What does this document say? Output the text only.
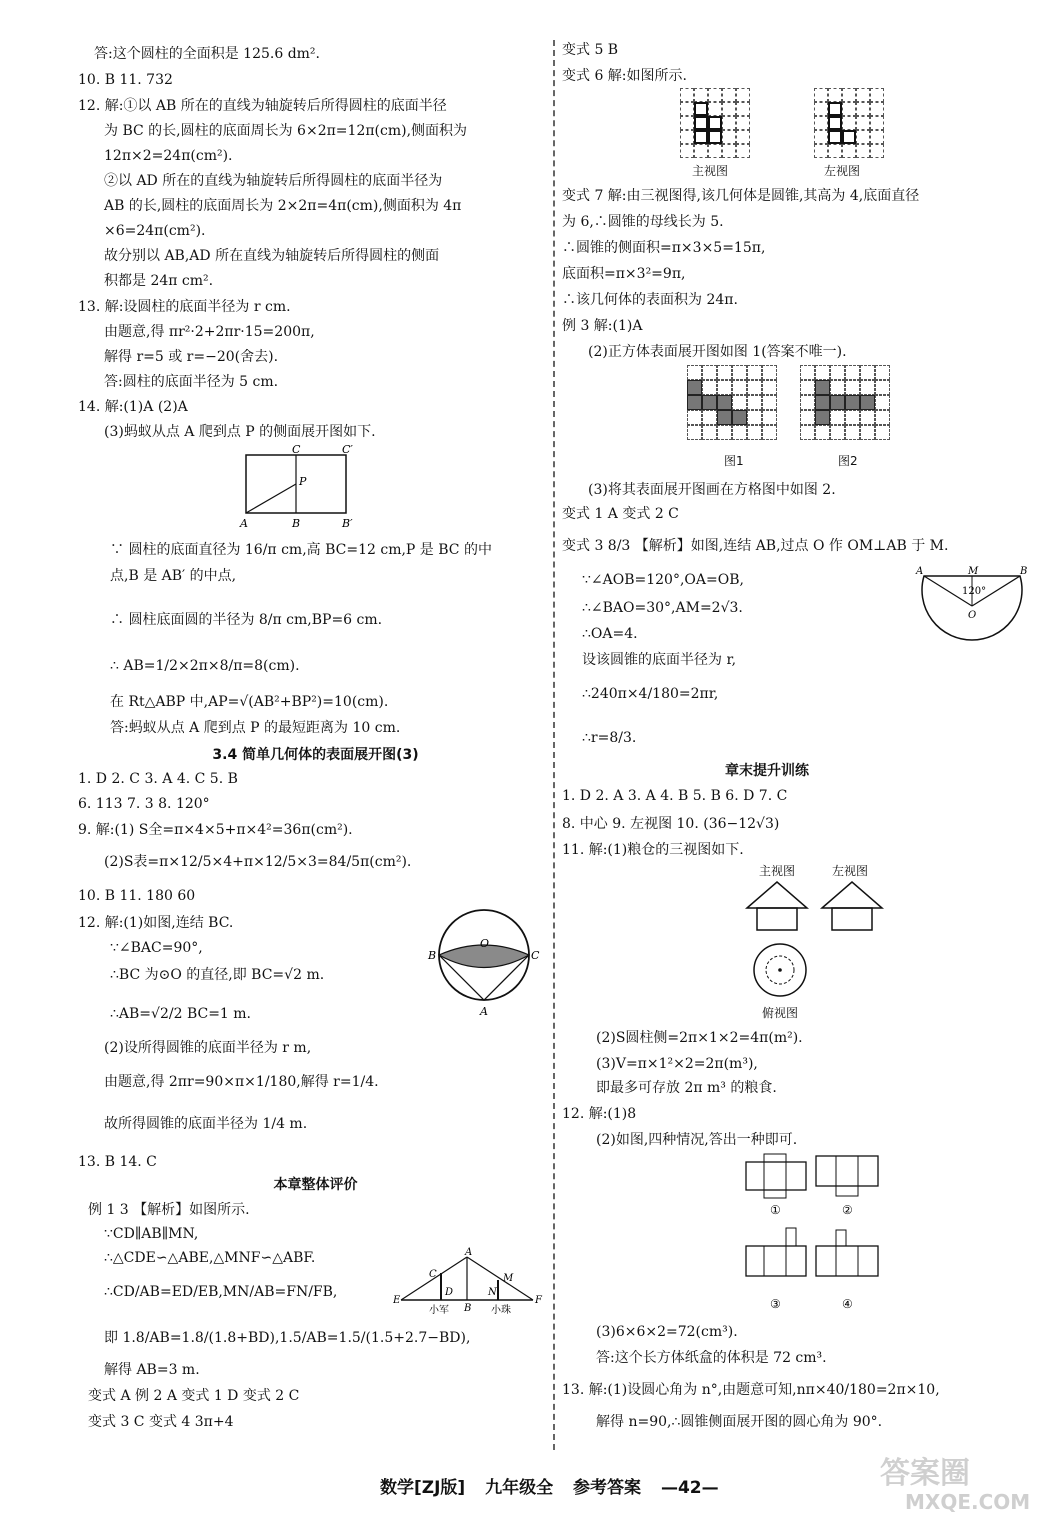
答:这个圆柱的全面积是 125.6 dm².
10. B 11. 732
12. 解:①以 AB 所在的直线为轴旋转后所得圆柱的底面半径
为 BC 的长,圆柱的底面周长为 6×2π=12π(cm),侧面积为
12π×2=24π(cm²).
②以 AD 所在的直线为轴旋转后所得圆柱的底面半径为
AB 的长,圆柱的底面周长为 2×2π=4π(cm),侧面积为 4π
×6=24π(cm²).
故分别以 AB,AD 所在直线为轴旋转后所得圆柱的侧面
积都是 24π cm².
13. 解:设圆柱的底面半径为 r cm.
由题意,得 πr²·2+2πr·15=200π,
解得 r=5 或 r=−20(舍去).
答:圆柱的底面半径为 5 cm.
14. 解:(1)A (2)A
(3)蚂蚁从点 A 爬到点 P 的侧面展开图如下.
A	B	B′
C	C′
P
∵ 圆柱的底面直径为 16/π cm,高 BC=12 cm,P 是 BC 的中
点,B 是 AB′ 的中点,
∴ 圆柱底面圆的半径为 8/π cm,BP=6 cm.
∴ AB=1/2×2π×8/π=8(cm).
在 Rt△ABP 中,AP=√(AB²+BP²)=10(cm).
答:蚂蚁从点 A 爬到点 P 的最短距离为 10 cm.
3.4 简单几何体的表面展开图(3)
1. D 2. C 3. A 4. C 5. B
6. 113 7. 3 8. 120°
9. 解:(1) S全=π×4×5+π×4²=36π(cm²).
(2)S表=π×12/5×4+π×12/5×3=84/5π(cm²).
10. B 11. 180 60
12. 解:(1)如图,连结 BC.
∵∠BAC=90°,
∴BC 为⊙O 的直径,即 BC=√2 m.
∴AB=√2/2 BC=1 m.
(2)设所得圆锥的底面半径为 r m,
由题意,得 2πr=90×π×1/180,解得 r=1/4.
故所得圆锥的底面半径为 1/4 m.
13. B 14. C
B
O
C
A
本章整体评价
例 1 3 【解析】如图所示.
∵CD∥AB∥MN,
∴△CDE∽△ABE,△MNF∽△ABF.
∴CD/AB=ED/EB,MN/AB=FN/FB,
即 1.8/AB=1.8/(1.8+BD),1.5/AB=1.5/(1.5+2.7−BD),
解得 AB=3 m.
变式 A 例 2 A 变式 1 D 变式 2 C
变式 3 C 变式 4 3π+4
A
C
D
M
N
E
B
F
小军	小珠
变式 5 B
变式 6 解:如图所示.
主视图	左视图
变式 7 解:由三视图得,该几何体是圆锥,其高为 4,底面直径
为 6,∴圆锥的母线长为 5.
∴圆锥的侧面积=π×3×5=15π,
底面积=π×3²=9π,
∴该几何体的表面积为 24π.
例 3 解:(1)A
(2)正方体表面展开图如图 1(答案不唯一).
图1	图2
(3)将其表面展开图画在方格图中如图 2.
变式 1 A 变式 2 C
变式 3 8/3 【解析】如图,连结 AB,过点 O 作 OM⊥AB 于 M.
∵∠AOB=120°,OA=OB,
∴∠BAO=30°,AM=2√3.
∴OA=4.
设该圆锥的底面半径为 r,
∴240π×4/180=2πr,
∴r=8/3.
A	M	B
120°
O
章末提升训练
1. D 2. A 3. A 4. B 5. B 6. D 7. C
8. 中心 9. 左视图 10. (36−12√3)
11. 解:(1)粮仓的三视图如下.
主视图	左视图
俯视图
(2)S圆柱侧=2π×1×2=4π(m²).
(3)V=π×1²×2=2π(m³),
即最多可存放 2π m³ 的粮食.
12. 解:(1)8
(2)如图,四种情况,答出一种即可.
①	②
③	④
(3)6×6×2=72(cm³).
答:这个长方体纸盒的体积是 72 cm³.
13. 解:(1)设圆心角为 n°,由题意可知,nπ×40/180=2π×10,
解得 n=90,∴圆锥侧面展开图的圆心角为 90°.
数学[ZJ版] 九年级全 参考答案 —42—	答案圈
MXQE.COM
